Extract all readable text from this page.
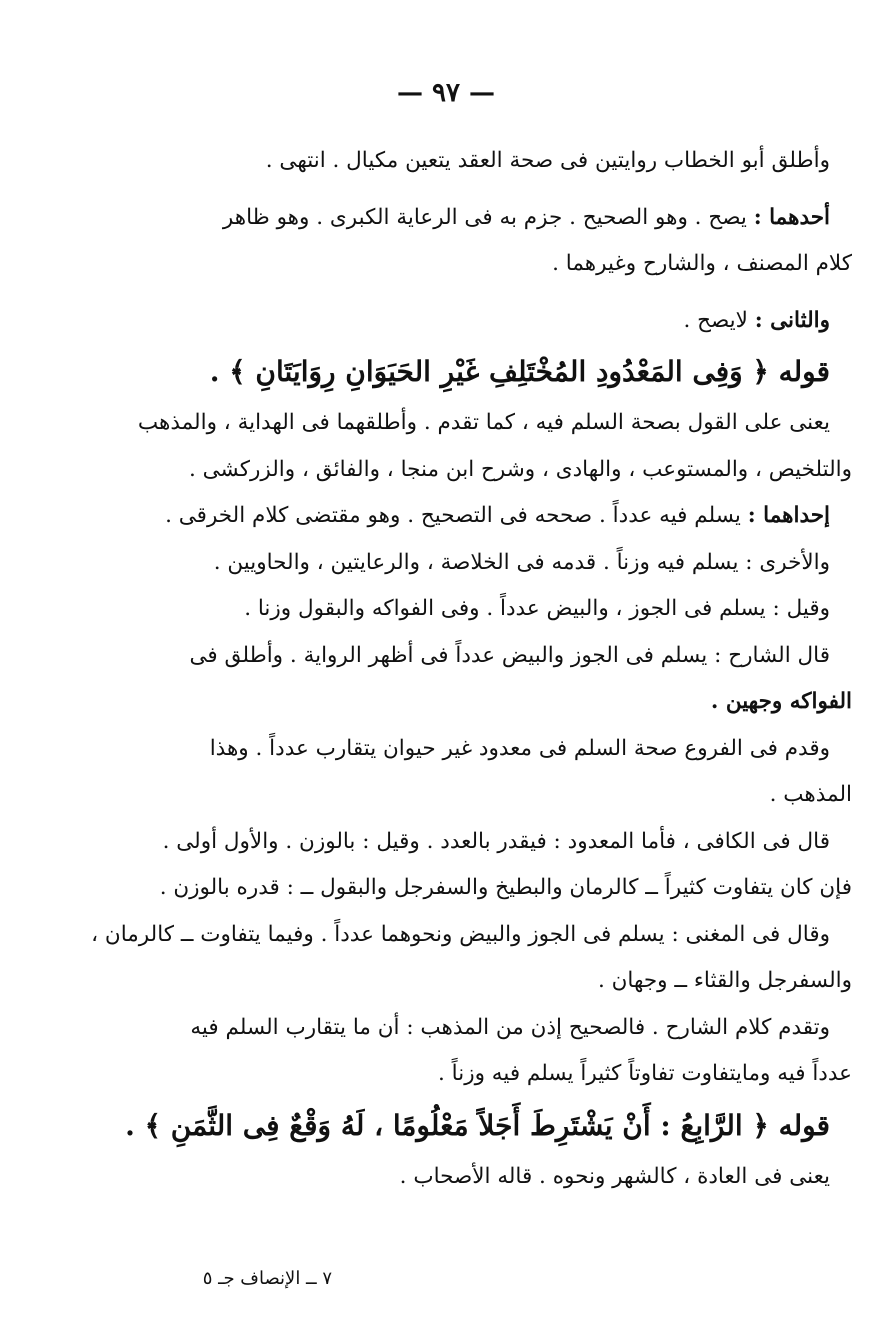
— ٩٧ —
وأطلق أبو الخطاب روايتين فى صحة العقد يتعين مكيال . انتهى .
أحدهما : يصح . وهو الصحيح . جزم به فى الرعاية الكبرى . وهو ظاهر
كلام المصنف ، والشارح وغيرهما .
والثانى : لايصح .
قوله ﴿ وَفِى المَعْدُودِ المُخْتَلِفِ غَيْرِ الحَيَوَانِ رِوَايَتَانِ ﴾ .
يعنى على القول بصحة السلم فيه ، كما تقدم . وأطلقهما فى الهداية ، والمذهب
والتلخيص ، والمستوعب ، والهادى ، وشرح ابن منجا ، والفائق ، والزركشى .
إحداهما : يسلم فيه عدداً . صححه فى التصحيح . وهو مقتضى كلام الخرقى .
والأخرى : يسلم فيه وزناً . قدمه فى الخلاصة ، والرعايتين ، والحاويين .
وقيل : يسلم فى الجوز ، والبيض عدداً . وفى الفواكه والبقول وزنا .
قال الشارح : يسلم فى الجوز والبيض عدداً فى أظهر الرواية . وأطلق فى
الفواكه وجهين .
وقدم فى الفروع صحة السلم فى معدود غير حيوان يتقارب عدداً . وهذا
المذهب .
قال فى الكافى ، فأما المعدود : فيقدر بالعدد . وقيل : بالوزن . والأول أولى .
فإن كان يتفاوت كثيراً ــ كالرمان والبطيخ والسفرجل والبقول ــ : قدره بالوزن .
وقال فى المغنى : يسلم فى الجوز والبيض ونحوهما عدداً . وفيما يتفاوت ــ كالرمان ،
والسفرجل والقثاء ــ وجهان .
وتقدم كلام الشارح . فالصحيح إذن من المذهب : أن ما يتقارب السلم فيه
عدداً فيه ومايتفاوت تفاوتاً كثيراً يسلم فيه وزناً .
قوله ﴿ الرَّابِعُ : أَنْ يَشْتَرِطَ أَجَلاً مَعْلُومًا ، لَهُ وَقْعٌ فِى الثَّمَنِ ﴾ .
يعنى فى العادة ، كالشهر ونحوه . قاله الأصحاب .
٧ ــ الإنصاف جـ ٥
